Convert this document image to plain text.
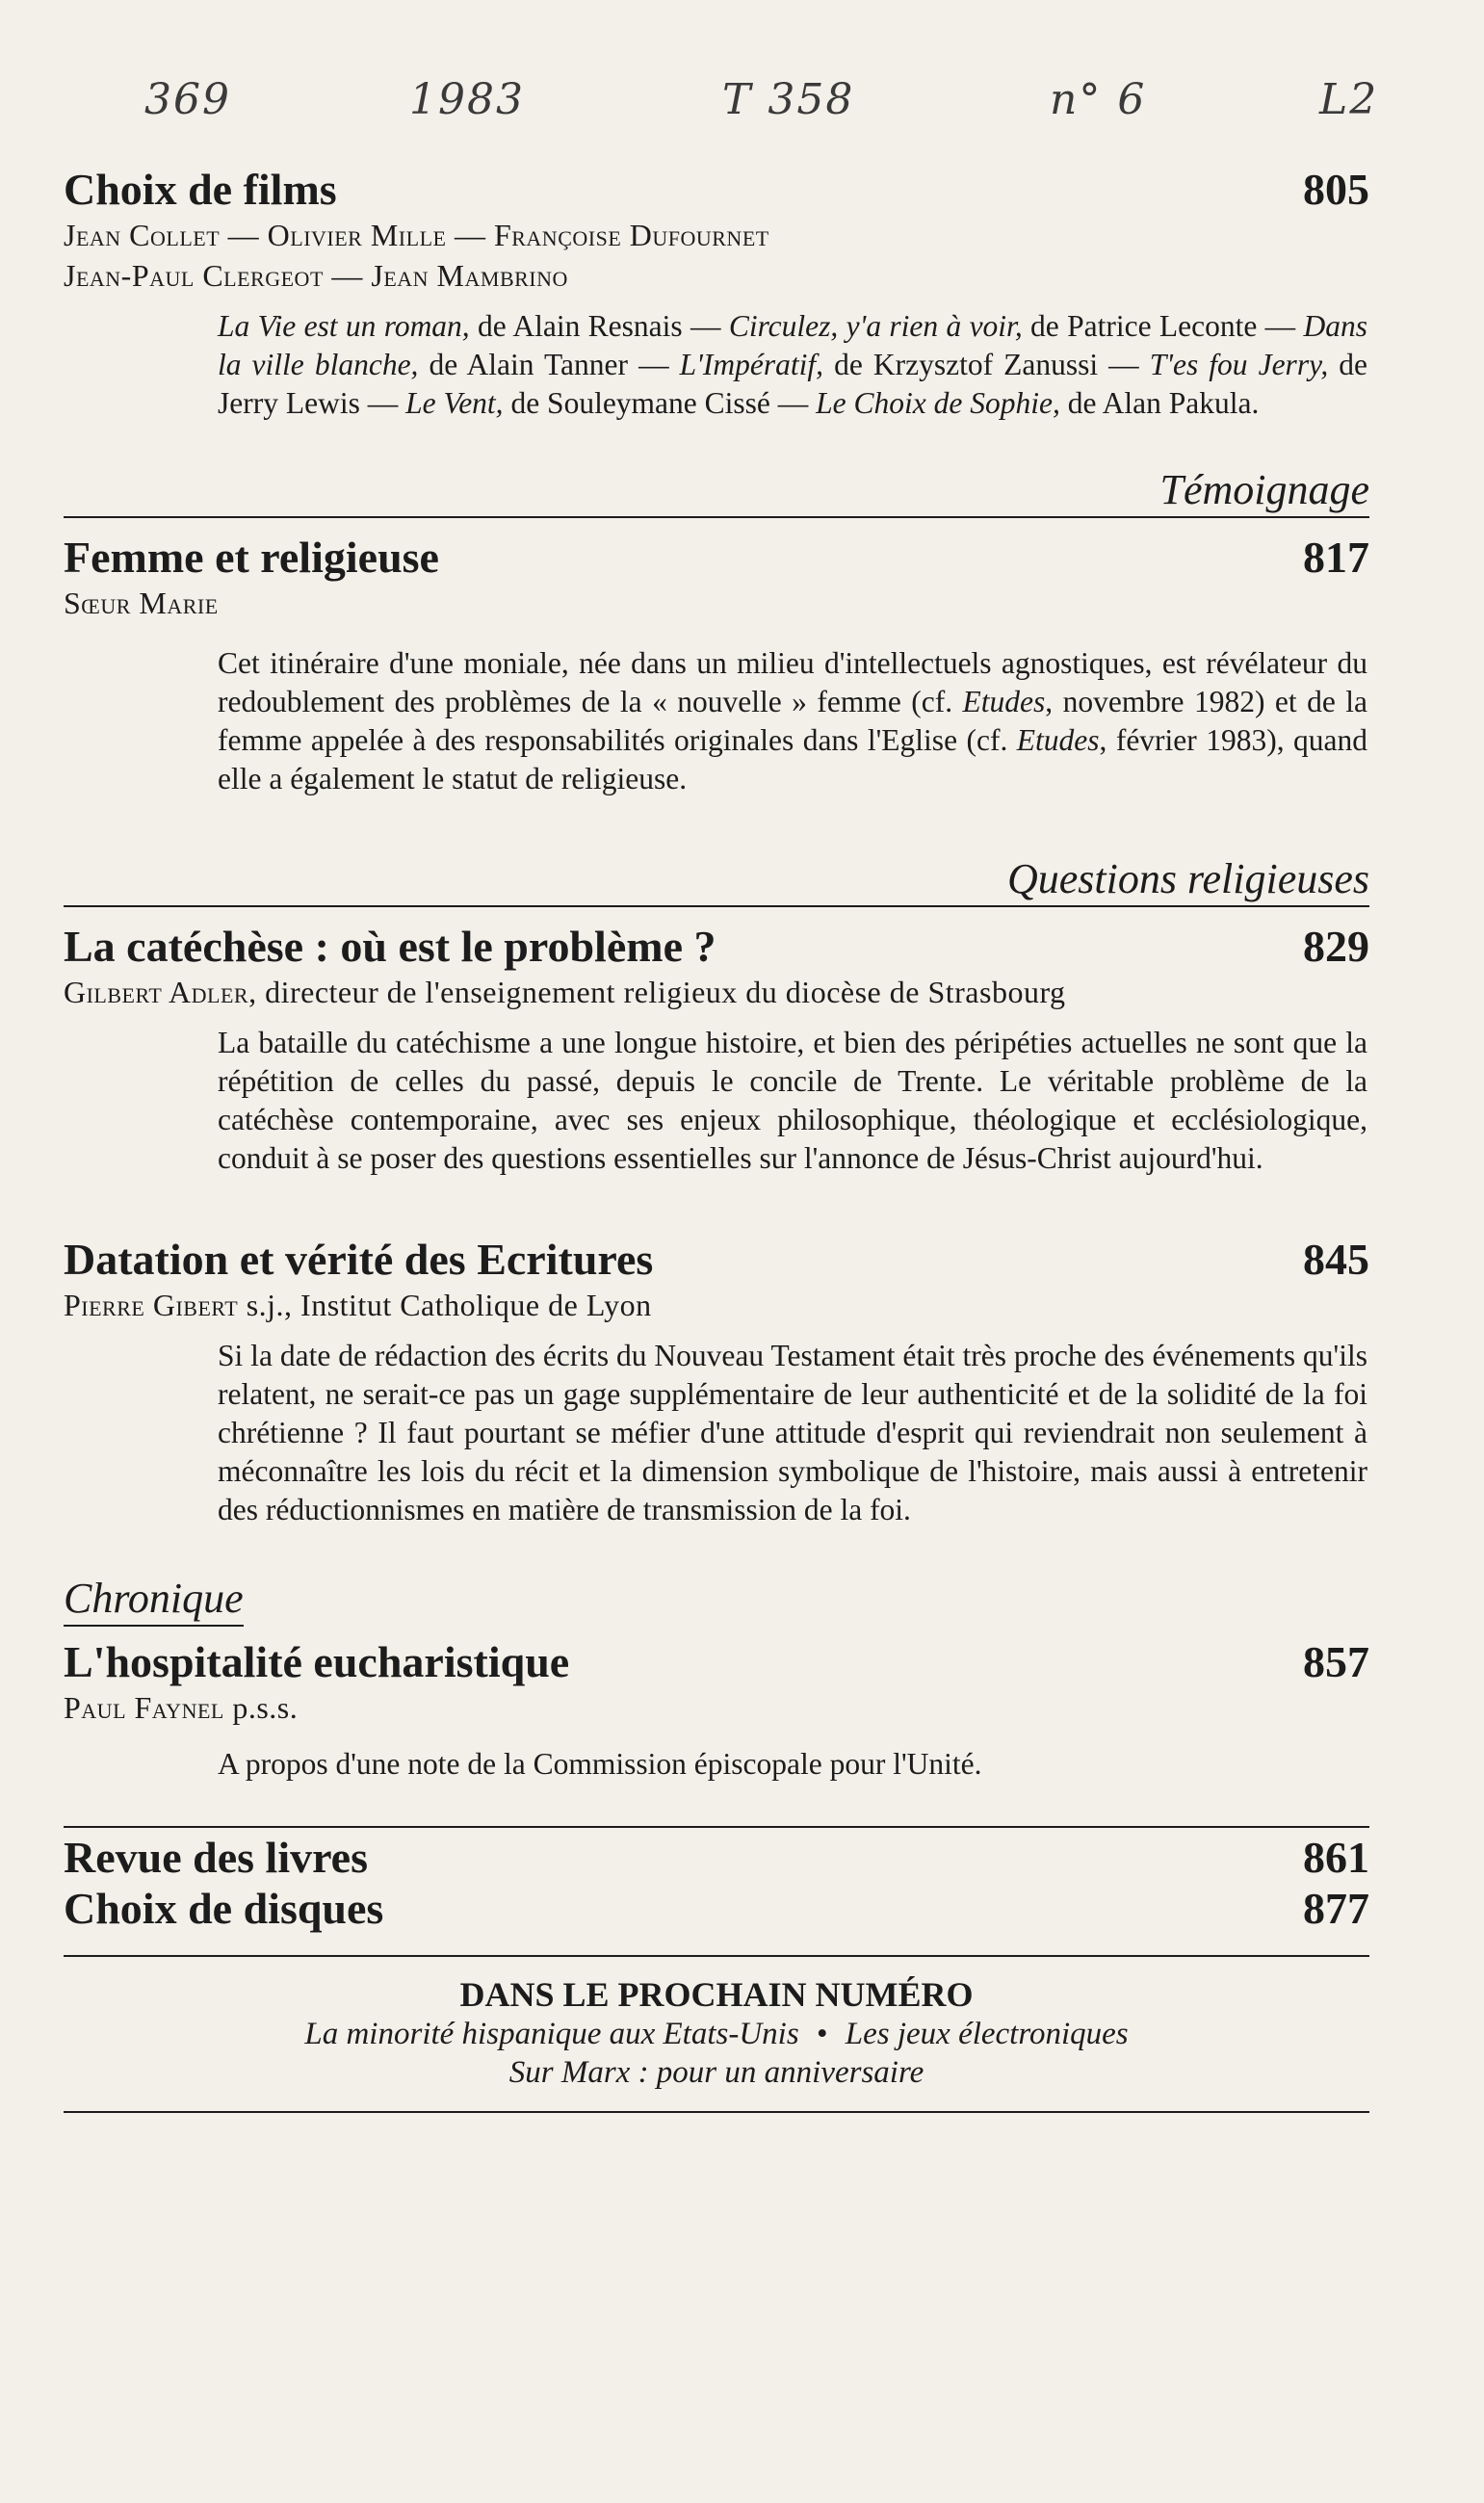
369	1983	T 358	n° 6	L2
Choix de films	805
Jean Collet — Olivier Mille — Françoise Dufournet
Jean-Paul Clergeot — Jean Mambrino
La Vie est un roman, de Alain Resnais — Circulez, y'a rien à voir, de Patrice Leconte — Dans la ville blanche, de Alain Tanner — L'Impératif, de Krzysztof Zanussi — T'es fou Jerry, de Jerry Lewis — Le Vent, de Souleymane Cissé — Le Choix de Sophie, de Alan Pakula.
Témoignage
Femme et religieuse	817
Sœur Marie
Cet itinéraire d'une moniale, née dans un milieu d'intellectuels agnostiques, est révélateur du redoublement des problèmes de la « nouvelle » femme (cf. Etudes, novembre 1982) et de la femme appelée à des responsabilités originales dans l'Eglise (cf. Etudes, février 1983), quand elle a également le statut de religieuse.
Questions religieuses
La catéchèse : où est le problème ?	829
Gilbert Adler, directeur de l'enseignement religieux du diocèse de Strasbourg
La bataille du catéchisme a une longue histoire, et bien des péripéties actuelles ne sont que la répétition de celles du passé, depuis le concile de Trente. Le véritable problème de la catéchèse contemporaine, avec ses enjeux philosophique, théologique et ecclésiologique, conduit à se poser des questions essentielles sur l'annonce de Jésus-Christ aujourd'hui.
Datation et vérité des Ecritures	845
Pierre Gibert s.j., Institut Catholique de Lyon
Si la date de rédaction des écrits du Nouveau Testament était très proche des événements qu'ils relatent, ne serait-ce pas un gage supplémentaire de leur authenticité et de la solidité de la foi chrétienne ? Il faut pourtant se méfier d'une attitude d'esprit qui reviendrait non seulement à méconnaître les lois du récit et la dimension symbolique de l'histoire, mais aussi à entretenir des réductionnismes en matière de transmission de la foi.
Chronique
L'hospitalité eucharistique	857
Paul Faynel p.s.s.
A propos d'une note de la Commission épiscopale pour l'Unité.
Revue des livres	861
Choix de disques	877
DANS LE PROCHAIN NUMÉRO
La minorité hispanique aux Etats-Unis • Les jeux électroniques
Sur Marx : pour un anniversaire
